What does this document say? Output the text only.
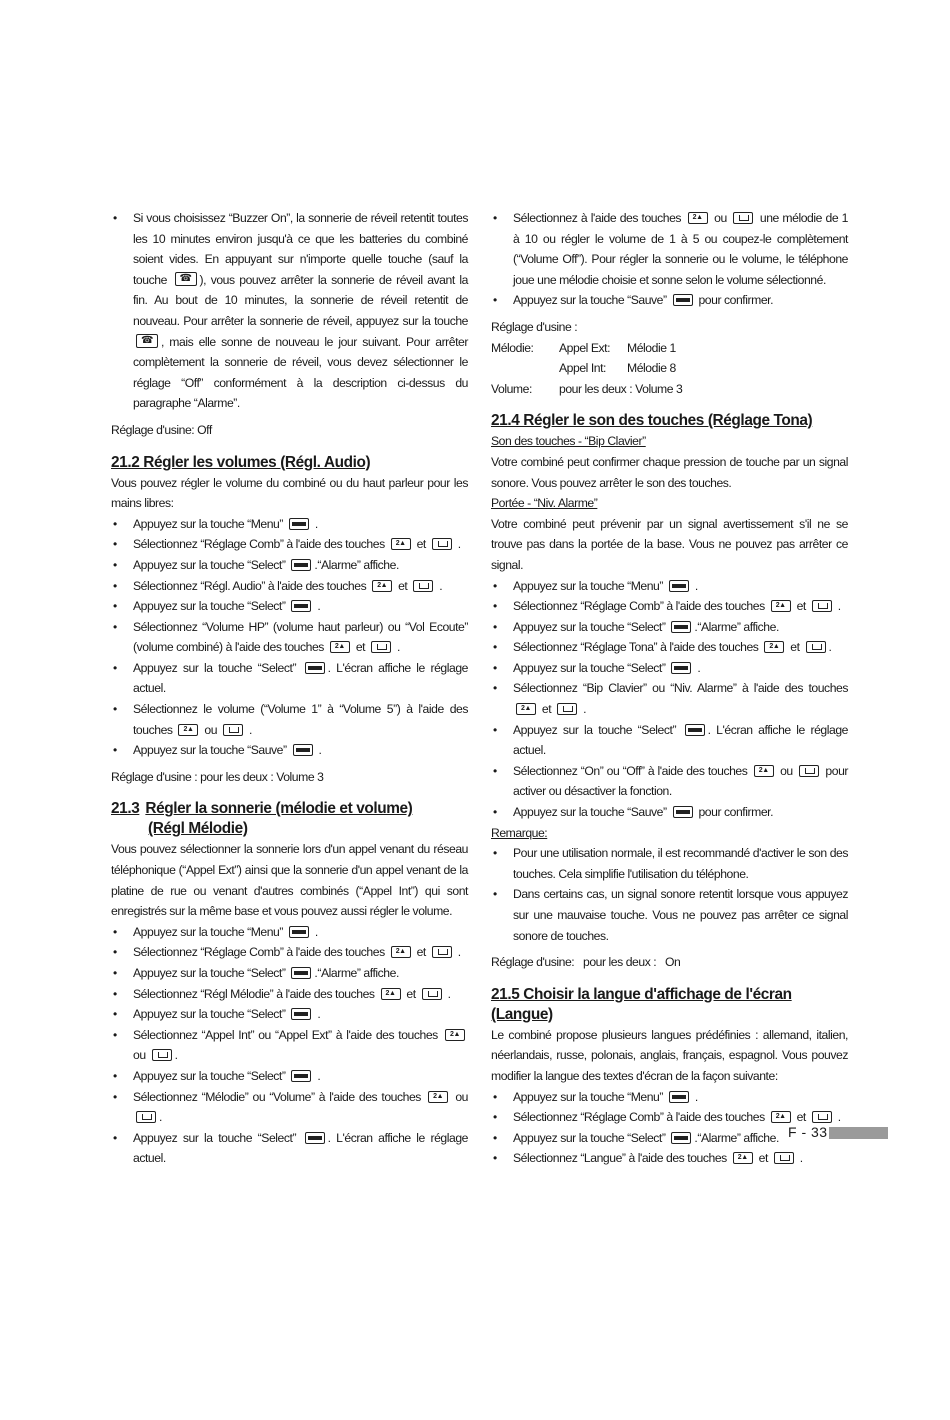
• Si vous choisissez “Buzzer On”, la sonnerie de réveil retentit toutes les 10 minutes environ jusqu'à ce que les batteries du combiné soient vides. En appuyant sur n'importe quelle touche (sauf la touche ☎), vous pouvez arrêter la sonnerie de réveil avant la fin. Au bout de 10 minutes, la sonnerie de réveil retentit de nouveau. Pour arrêter la sonnerie de réveil, appuyez sur la touche ☎, mais elle sonne de nouveau le jour suivant. Pour arrêter complètement la sonnerie de réveil, vous devez sélectionner le réglage “Off” conformément à la description ci-dessus du paragraphe “Alarme”.

Réglage d'usine: Off

21.2 Régler les volumes (Régl. Audio)

Vous pouvez régler le volume du combiné ou du haut parleur pour les mains libres:

• Appuyez sur la touche “Menu”  .
• Sélectionnez “Réglage Comb” à l'aide des touches 2▲ et  .
• Appuyez sur la touche “Select” .“Alarme” affiche.
• Sélectionnez “Régl. Audio” à l'aide des touches 2▲ et  .
• Appuyez sur la touche “Select”  .
• Sélectionnez “Volume HP” (volume haut parleur) ou “Vol Ecoute” (volume combiné) à l'aide des touches 2▲ et  .
• Appuyez sur la touche “Select” . L'écran affiche le réglage actuel.
• Sélectionnez le volume (“Volume 1” à “Volume 5”) à l'aide des touches 2▲ ou  .
• Appuyez sur la touche “Sauve”  .

Réglage d'usine : pour les deux : Volume 3

21.3 Régler la sonnerie (mélodie et volume)
(Régl Mélodie)

Vous pouvez sélectionner la sonnerie lors d'un appel venant du réseau téléphonique (“Appel Ext”) ainsi que la sonnerie d'un appel venant de la platine de rue ou venant d'autres combinés (“Appel Int”) qui sont enregistrés sur la même base et vous pouvez aussi régler le volume.

• Appuyez sur la touche “Menu”  .
• Sélectionnez “Réglage Comb” à l'aide des touches 2▲ et  .
• Appuyez sur la touche “Select” .“Alarme” affiche.
• Sélectionnez “Régl Mélodie” à l'aide des touches 2▲ et  .
• Appuyez sur la touche “Select”  .
• Sélectionnez “Appel Int” ou “Appel Ext” à l'aide des touches 2▲ ou .
• Appuyez sur la touche “Select”  .
• Sélectionnez “Mélodie” ou “Volume” à l'aide des touches 2▲ ou .
• Appuyez sur la touche “Select” . L'écran affiche le réglage actuel.
• Sélectionnez à l'aide des touches 2▲ ou  une mélodie de 1 à 10 ou régler le volume de 1 à 5 ou coupez-le complètement (“Volume Off”). Pour régler la sonnerie ou le volume, le téléphone joue une mélodie choisie et sonne selon le volume sélectionné.
• Appuyez sur la touche “Sauve”  pour confirmer.

Réglage d'usine :

Mélodie:	Appel Ext:	Mélodie 1
	Appel Int:	Mélodie 8
Volume:	pour les deux : Volume 3	
21.4 Régler le son des touches (Réglage Tona)

Son des touches - “Bip Clavier”

Votre combiné peut confirmer chaque pression de touche par un signal sonore. Vous pouvez arrêter le son des touches.

Portée - “Niv. Alarme”

Votre combiné peut prévenir par un signal avertissement s'il ne se trouve pas dans la portée de la base. Vous ne pouvez pas arrêter ce signal.

• Appuyez sur la touche “Menu”  .
• Sélectionnez “Réglage Comb” à l'aide des touches 2▲ et  .
• Appuyez sur la touche “Select” .“Alarme” affiche.
• Sélectionnez “Réglage Tona” à l'aide des touches 2▲ et .
• Appuyez sur la touche “Select”  .
• Sélectionnez “Bip Clavier” ou “Niv. Alarme” à l'aide des touches 2▲ et  .
• Appuyez sur la touche “Select” . L'écran affiche le réglage actuel.
• Sélectionnez “On” ou “Off” à l'aide des touches 2▲ ou  pour activer ou désactiver la fonction.
• Appuyez sur la touche “Sauve”  pour confirmer.

Remarque:

• Pour une utilisation normale, il est recommandé d'activer le son des touches. Cela simplifie l'utilisation du téléphone.
• Dans certains cas, un signal sonore retentit lorsque vous appuyez sur une mauvaise touche. Vous ne pouvez pas arrêter ce signal sonore de touches.

Réglage d'usine:   pour les deux :   On

21.5 Choisir la langue d'affichage de l'écran (Langue)

Le combiné propose plusieurs langues prédéfinies : allemand, italien, néerlandais, russe, polonais, anglais, français, espagnol. Vous pouvez modifier la langue des textes d'écran de la façon suivante:

• Appuyez sur la touche “Menu”  .
• Sélectionnez “Réglage Comb” à l'aide des touches 2▲ et  .
• Appuyez sur la touche “Select” .“Alarme” affiche.
• Sélectionnez “Langue” à l'aide des touches 2▲ et  .
F - 33
